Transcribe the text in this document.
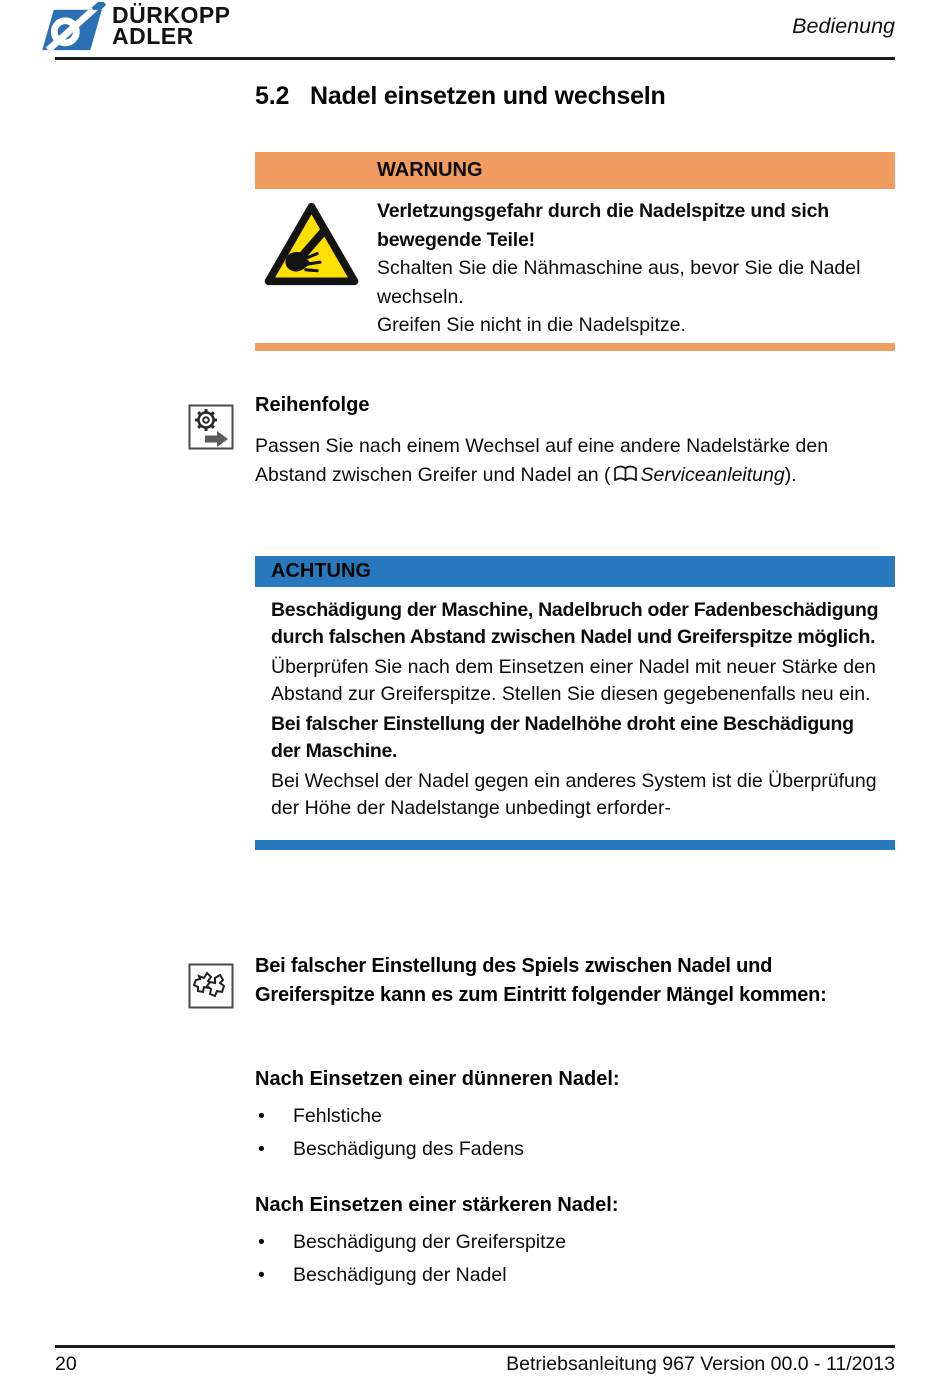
DÜRKOPP
ADLER	Bedienung
5.2 Nadel einsetzen und wechseln
WARNUNG
Verletzungsgefahr durch die Nadelspitze und sich bewegende Teile!
Schalten Sie die Nähmaschine aus, bevor Sie die Nadel wechseln.
Greifen Sie nicht in die Nadelspitze.
Reihenfolge
Passen Sie nach einem Wechsel auf eine andere Nadelstärke den Abstand zwischen Greifer und Nadel an ( Serviceanleitung).
ACHTUNG

Beschädigung der Maschine, Nadelbruch oder Fadenbeschädigung durch falschen Abstand zwischen Nadel und Greiferspitze möglich.

Überprüfen Sie nach dem Einsetzen einer Nadel mit neuer Stärke den Abstand zur Greiferspitze. Stellen Sie diesen gegebenenfalls neu ein.

Bei falscher Einstellung der Nadelhöhe droht eine Beschädigung der Maschine.

Bei Wechsel der Nadel gegen ein anderes System ist die Überprüfung der Höhe der Nadelstange unbedingt erforder-

Bei falscher Einstellung des Spiels zwischen Nadel und Greiferspitze kann es zum Eintritt folgender Mängel kommen:
Nach Einsetzen einer dünneren Nadel:
•	Fehlstiche
•	Beschädigung des Fadens
Nach Einsetzen einer stärkeren Nadel:
•	Beschädigung der Greiferspitze
•	Beschädigung der Nadel
20	Betriebsanleitung 967 Version 00.0 - 11/2013
